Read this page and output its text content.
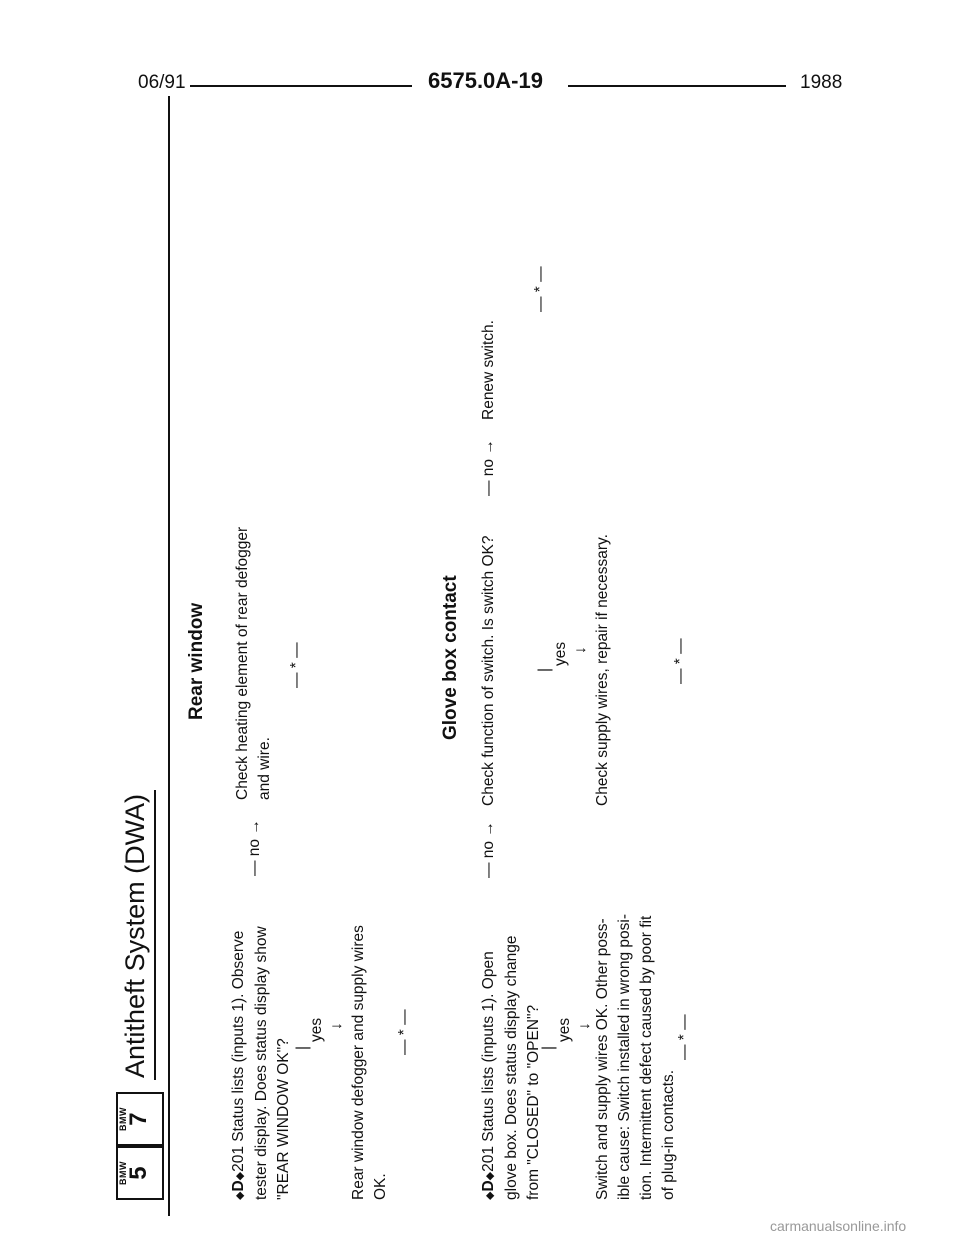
06/91	6575.0A-19	1988
BMW
5
BMW
7
Antitheft System (DWA)
Rear window
◆D◆201 Status lists (inputs 1). Observe tester display. Does status display show "REAR WINDOW OK"? |
yes ↓ Rear window defogger and supply wires OK.
— * —
— no →
Check heating element of rear defogger and wire.
— * —	Glove box contact
◆D◆201 Status lists (inputs 1). Open glove box. Does status display change from "CLOSED" to "OPEN"?
|
yes ↓ Switch and supply wires OK. Other poss- ible cause: Switch installed in wrong posi- tion. Intermittent defect caused by poor fit of plug-in contacts.
— * —
— no →
Check function of switch. Is switch OK?	|
yes ↓ Check supply wires, repair if necessary.	— * —
— no →
Renew switch.
— * —
carmanualsonline.info
